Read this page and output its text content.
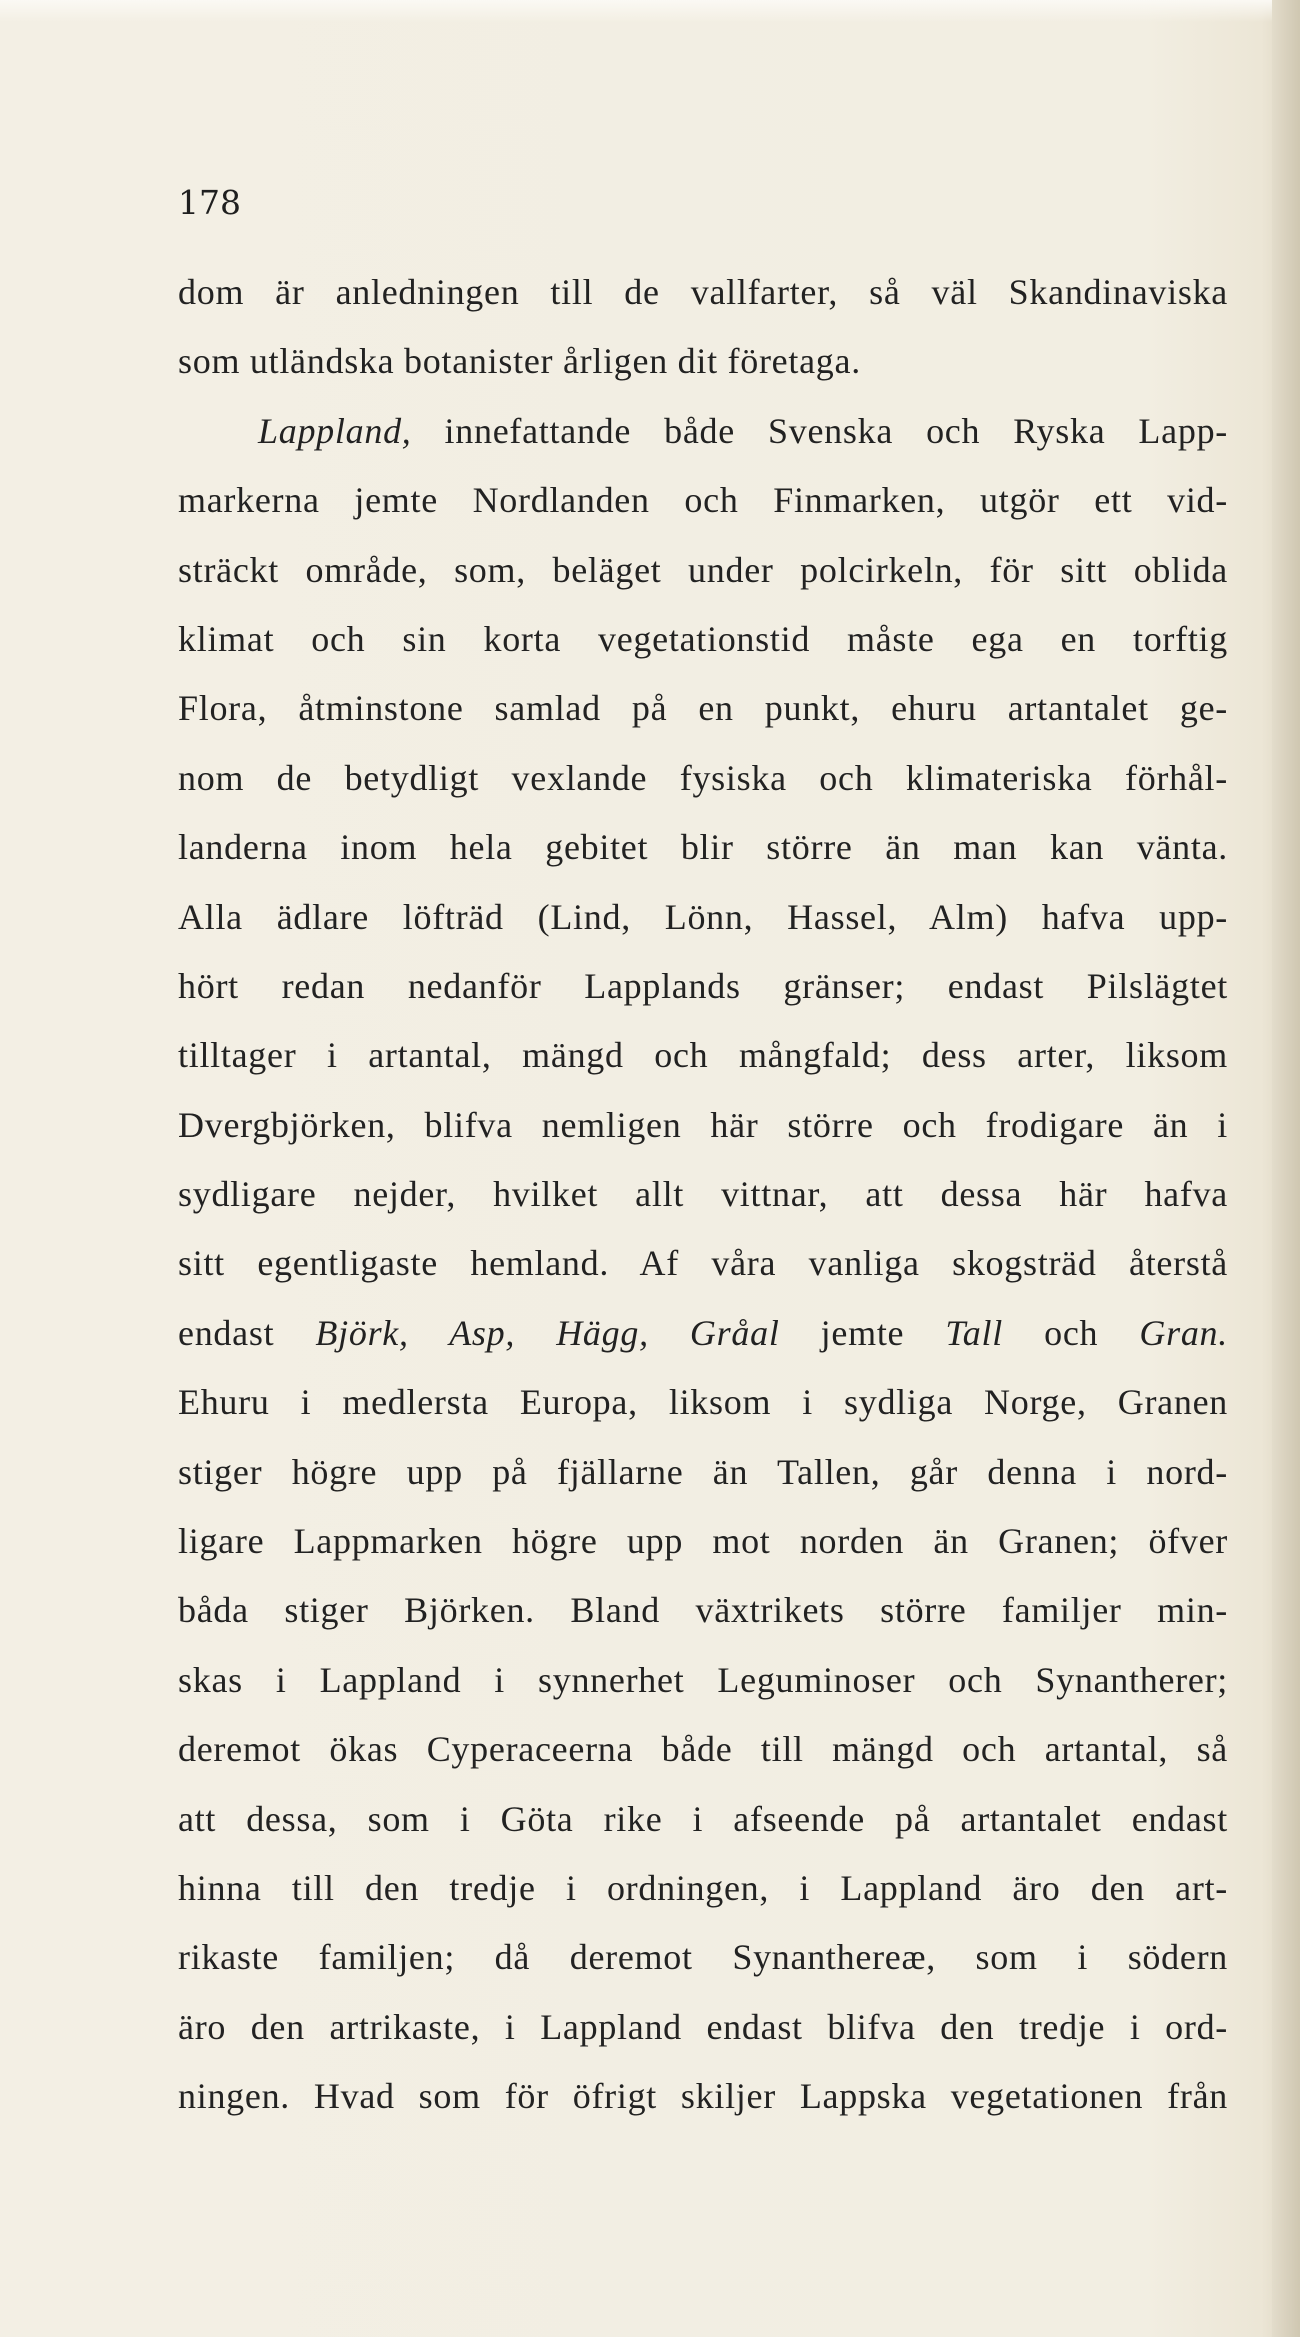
178
dom är anledningen till de vallfarter, så väl Skandinaviska
som utländska botanister årligen dit företaga.
Lappland, innefattande både Svenska och Ryska Lapp-
markerna jemte Nordlanden och Finmarken, utgör ett vid-
sträckt område, som, beläget under polcirkeln, för sitt oblida
klimat och sin korta vegetationstid måste ega en torftig
Flora, åtminstone samlad på en punkt, ehuru artantalet ge-
nom de betydligt vexlande fysiska och klimateriska förhål-
landerna inom hela gebitet blir större än man kan vänta.
Alla ädlare löfträd (Lind, Lönn, Hassel, Alm) hafva upp-
hört redan nedanför Lapplands gränser; endast Pilslägtet
tilltager i artantal, mängd och mångfald; dess arter, liksom
Dvergbjörken, blifva nemligen här större och frodigare än i
sydligare nejder, hvilket allt vittnar, att dessa här hafva
sitt egentligaste hemland. Af våra vanliga skogsträd återstå
endast Björk, Asp, Hägg, Gråal jemte Tall och Gran.
Ehuru i medlersta Europa, liksom i sydliga Norge, Granen
stiger högre upp på fjällarne än Tallen, går denna i nord-
ligare Lappmarken högre upp mot norden än Granen; öfver
båda stiger Björken. Bland växtrikets större familjer min-
skas i Lappland i synnerhet Leguminoser och Synantherer;
deremot ökas Cyperaceerna både till mängd och artantal, så
att dessa, som i Göta rike i afseende på artantalet endast
hinna till den tredje i ordningen, i Lappland äro den art-
rikaste familjen; då deremot Synanthereæ, som i södern
äro den artrikaste, i Lappland endast blifva den tredje i ord-
ningen. Hvad som för öfrigt skiljer Lappska vegetationen från
